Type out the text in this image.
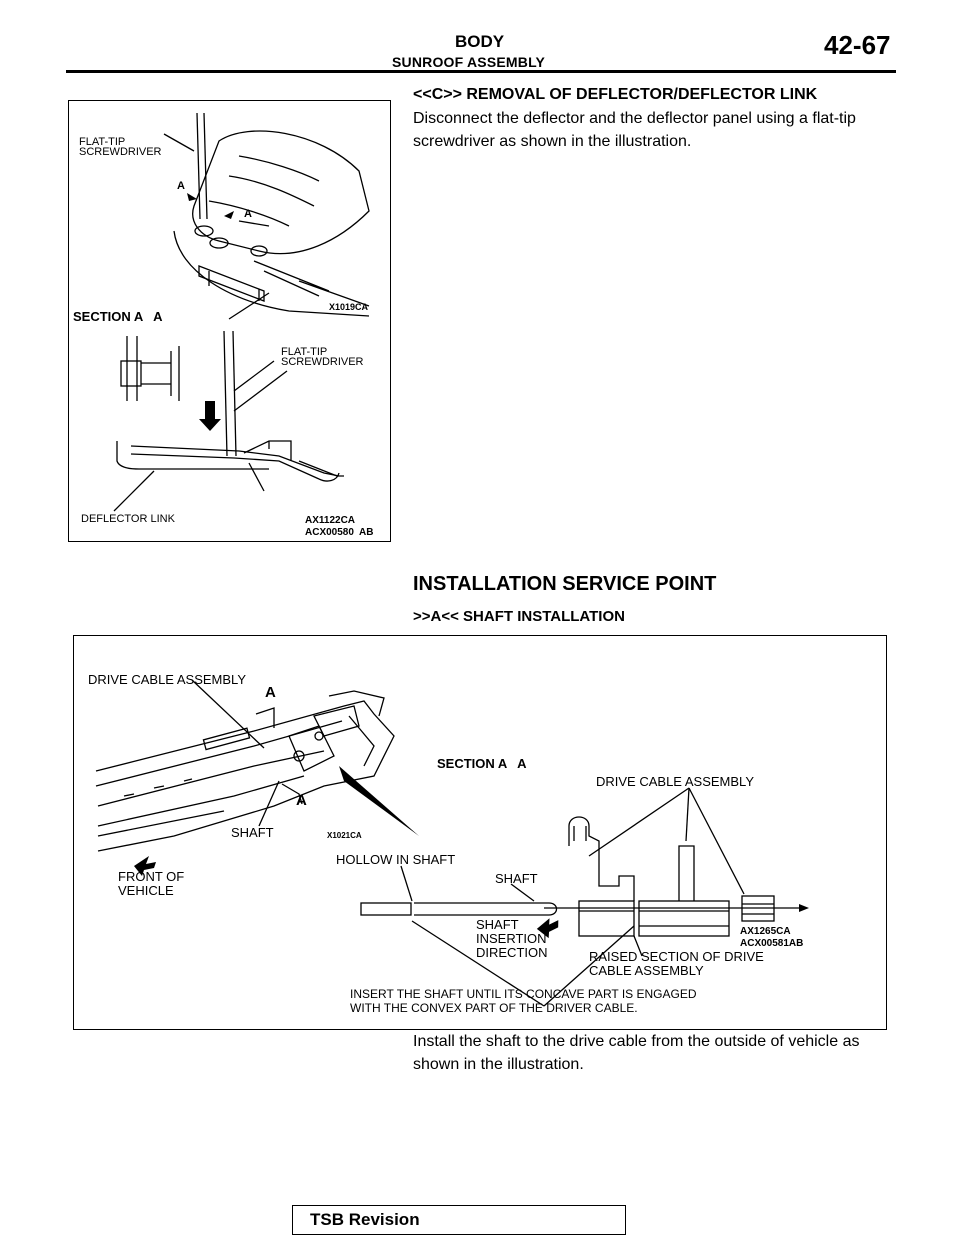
BODY
SUNROOF ASSEMBLY
42-67
<<C>> REMOVAL OF DEFLECTOR/DEFLECTOR LINK
Disconnect the deflector and the deflector panel using a flat-tip
screwdriver as shown in the illustration.
FLAT-TIP
SCREWDRIVER
A
A
SECTION A   A
X1019CA
FLAT-TIP
SCREWDRIVER
DEFLECTOR LINK	AX1122CA
ACX00580 AB
INSTALLATION SERVICE POINT
>>A<< SHAFT INSTALLATION
DRIVE CABLE ASSEMBLY
A
A
SECTION A   A
DRIVE CABLE ASSEMBLY
SHAFT	X1021CA
HOLLOW IN SHAFT
SHAFT
FRONT OF
VEHICLE
SHAFT
INSERTION
DIRECTION
AX1265CA
ACX00581AB
RAISED SECTION OF DRIVE
CABLE ASSEMBLY
INSERT THE SHAFT UNTIL ITS CONCAVE PART IS ENGAGED
WITH THE CONVEX PART OF THE DRIVER CABLE.
Install the shaft to the drive cable from the outside of vehicle as
shown in the illustration.
TSB Revision
